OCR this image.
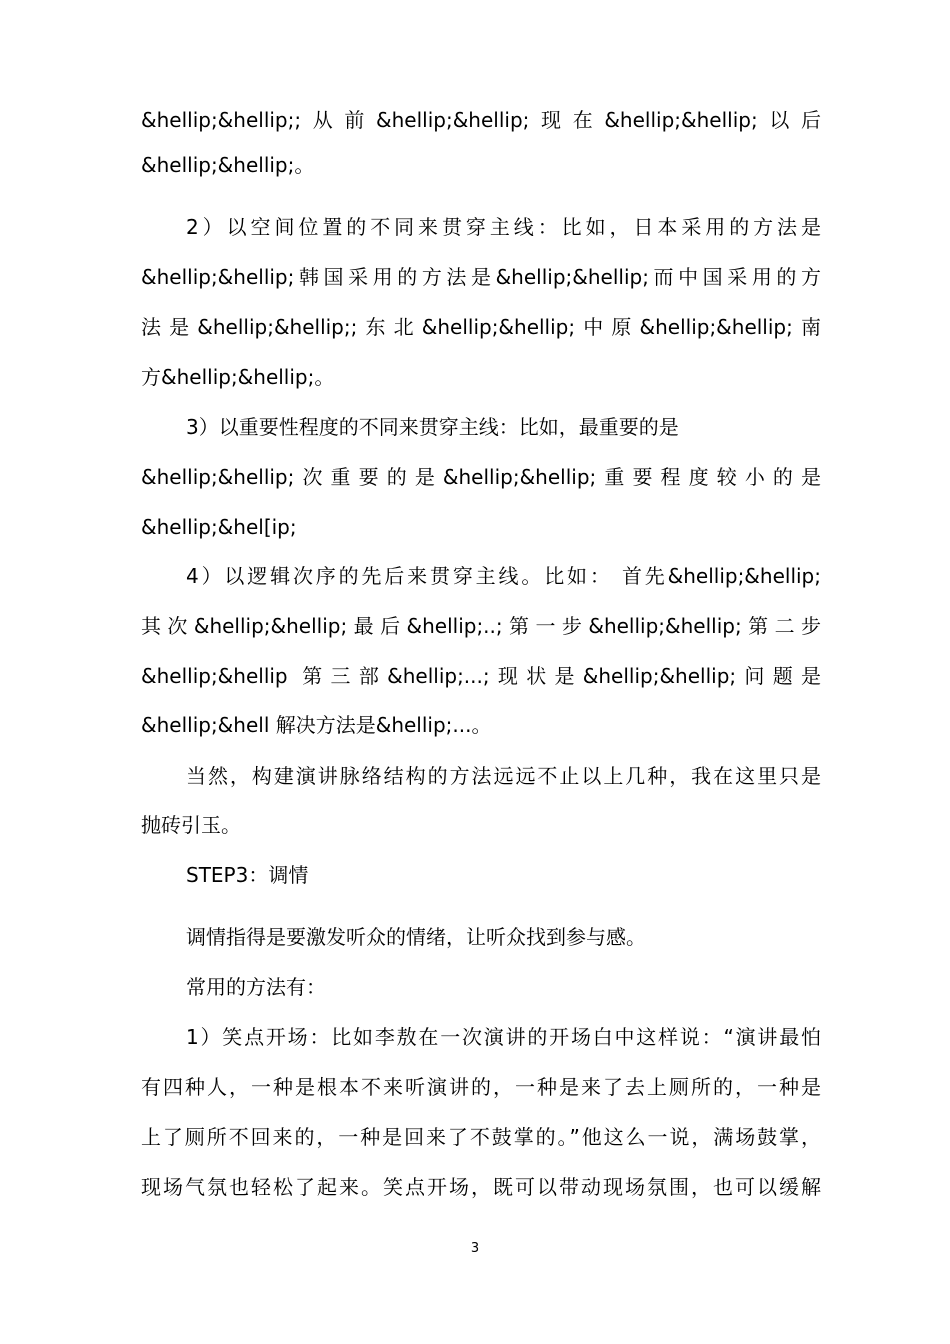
&hellip;&hellip;;从前&hellip;&hellip;现在&hellip;&hellip;以后
&hellip;&hellip;。
2）以空间位置的不同来贯穿主线：比如，日本采用的方法是
&hellip;&hellip;韩国采用的方法是&hellip;&hellip;而中国采用的方
法是&hellip;&hellip;;东北&hellip;&hellip;中原&hellip;&hellip;南
方&hellip;&hellip;。
3）以重要性程度的不同来贯穿主线：比如，最重要的是
&hellip;&hellip;次重要的是&hellip;&hellip;重要程度较小的是
&hellip;&hel[ip;
4）以逻辑次序的先后来贯穿主线。比如： 首先&hellip;&hellip;
其次&hellip;&hellip;最后&hellip;..;第一步&hellip;&hellip;第二步
&hellip;&hellip 第三部&hellip;...;现状是&hellip;&hellip;问题是
&hellip;&hell 解决方法是&hellip;...。
当然，构建演讲脉络结构的方法远远不止以上几种，我在这里只是
抛砖引玉。
STEP3：调情
调情指得是要激发听众的情绪，让听众找到参与感。
常用的方法有：
1）笑点开场：比如李敖在一次演讲的开场白中这样说：“演讲最怕
有四种人，一种是根本不来听演讲的，一种是来了去上厕所的，一种是
上了厕所不回来的，一种是回来了不鼓掌的。”他这么一说，满场鼓掌，
现场气氛也轻松了起来。笑点开场，既可以带动现场氛围，也可以缓解
3
